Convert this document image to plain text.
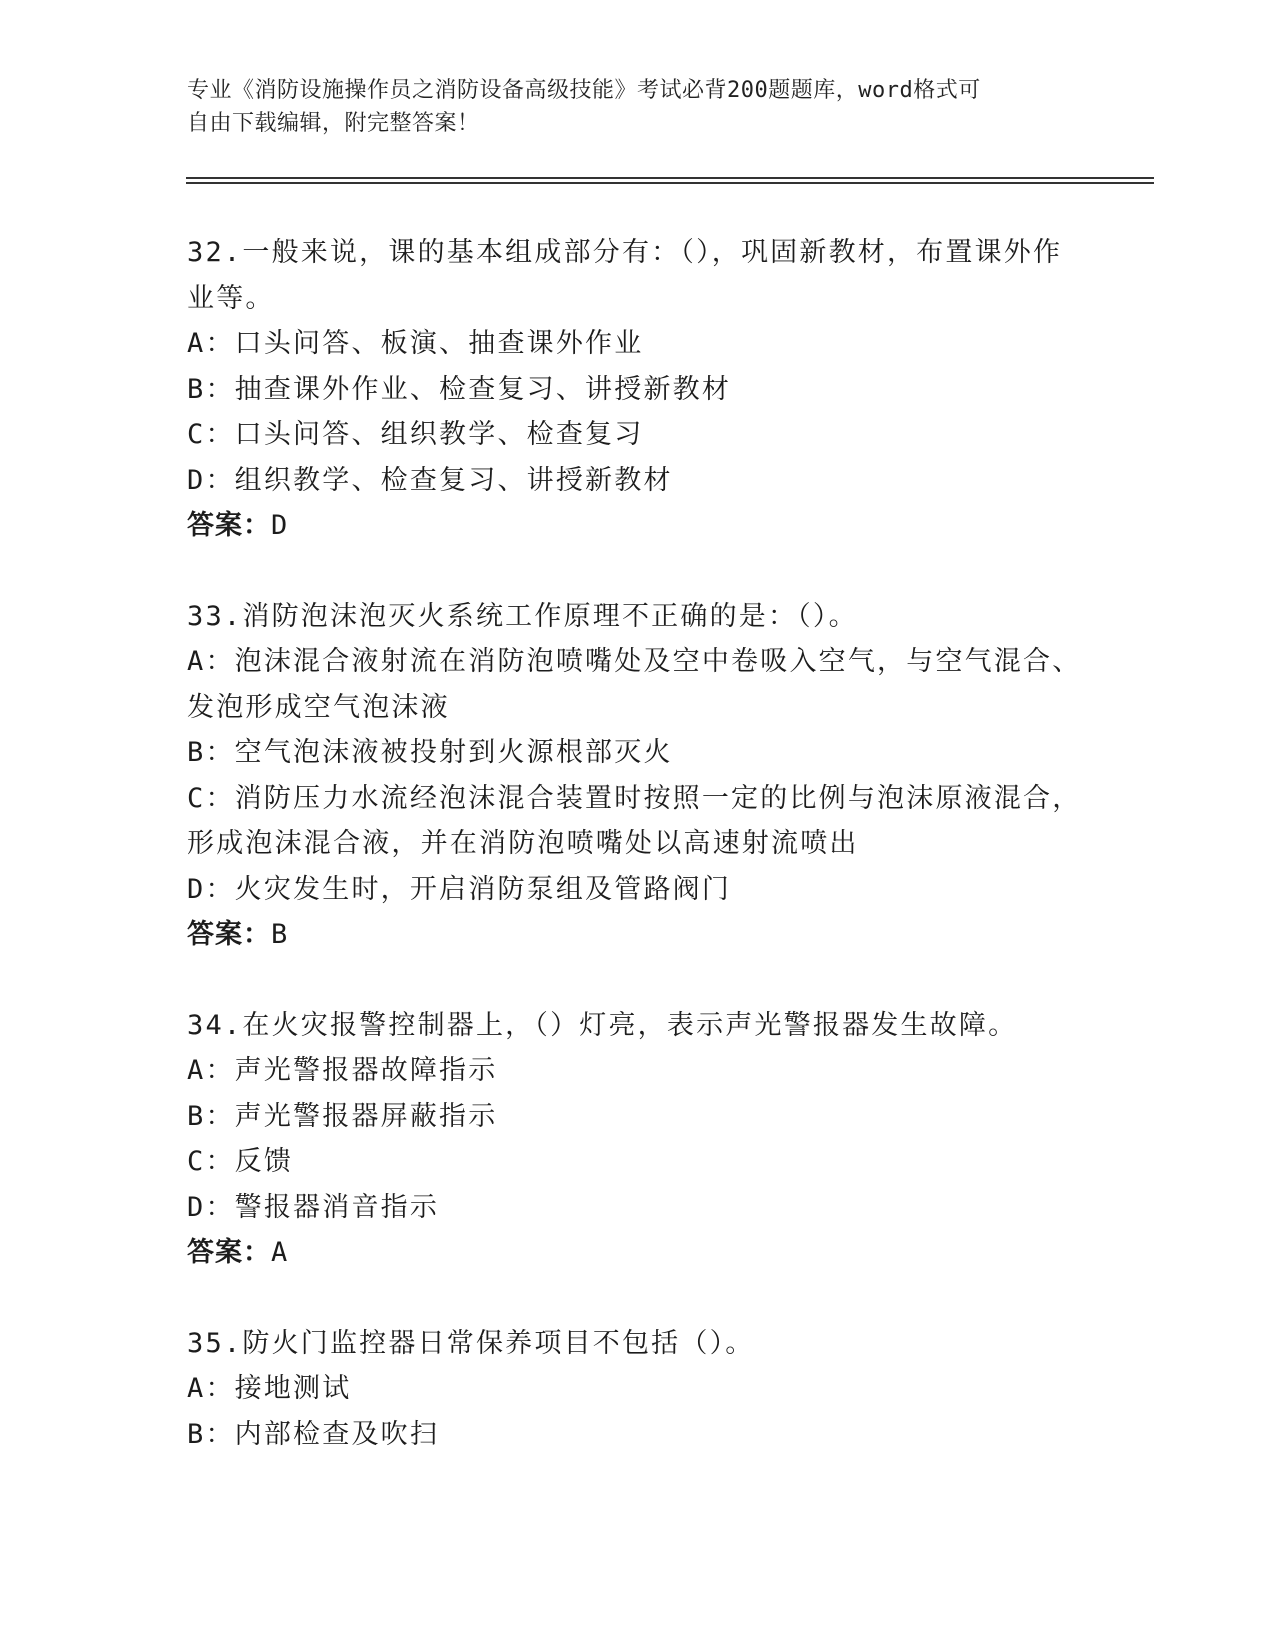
专业《消防设施操作员之消防设备高级技能》考试必背200题题库，word格式可
自由下载编辑，附完整答案！
32.一般来说，课的基本组成部分有：（），巩固新教材，布置课外作
业等。
A：口头问答、板演、抽查课外作业
B：抽查课外作业、检查复习、讲授新教材
C：口头问答、组织教学、检查复习
D：组织教学、检查复习、讲授新教材
答案：D
33.消防泡沫泡灭火系统工作原理不正确的是：（）。
A：泡沫混合液射流在消防泡喷嘴处及空中卷吸入空气，与空气混合、
发泡形成空气泡沫液
B：空气泡沫液被投射到火源根部灭火
C：消防压力水流经泡沫混合装置时按照一定的比例与泡沫原液混合，
形成泡沫混合液，并在消防泡喷嘴处以高速射流喷出
D：火灾发生时，开启消防泵组及管路阀门
答案：B
34.在火灾报警控制器上，（）灯亮，表示声光警报器发生故障。
A：声光警报器故障指示
B：声光警报器屏蔽指示
C：反馈
D：警报器消音指示
答案：A
35.防火门监控器日常保养项目不包括（）。
A：接地测试
B：内部检查及吹扫
